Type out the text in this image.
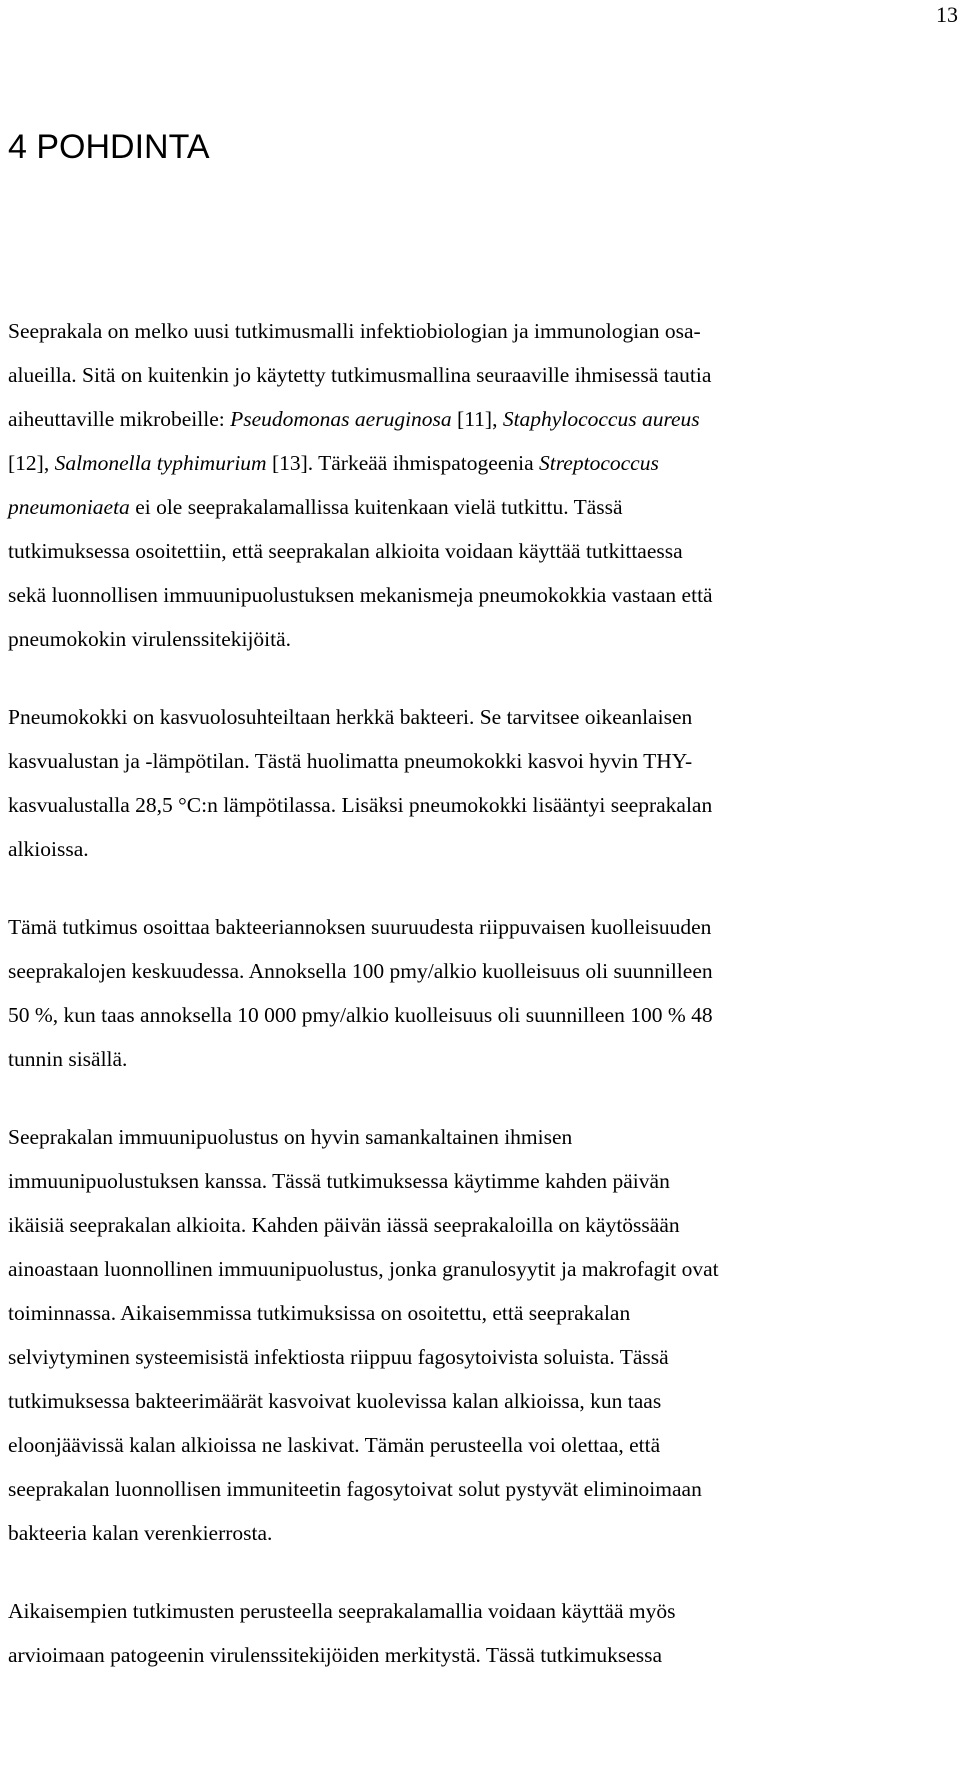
13
4 POHDINTA
Seeprakala on melko uusi tutkimusmalli infektiobiologian ja immunologian osa-
alueilla. Sitä on kuitenkin jo käytetty tutkimusmallina seuraaville ihmisessä tautia
aiheuttaville mikrobeille: Pseudomonas aeruginosa [11], Staphylococcus aureus
[12], Salmonella typhimurium [13]. Tärkeää ihmispatogeenia Streptococcus
pneumoniaeta ei ole seeprakalamallissa kuitenkaan vielä tutkittu. Tässä
tutkimuksessa osoitettiin, että seeprakalan alkioita voidaan käyttää tutkittaessa
sekä luonnollisen immuunipuolustuksen mekanismeja pneumokokkia vastaan että
pneumokokin virulenssitekijöitä.
Pneumokokki on kasvuolosuhteiltaan herkkä bakteeri. Se tarvitsee oikeanlaisen
kasvualustan ja -lämpötilan. Tästä huolimatta pneumokokki kasvoi hyvin THY-
kasvualustalla 28,5 °C:n lämpötilassa. Lisäksi pneumokokki lisääntyi seeprakalan
alkioissa.
Tämä tutkimus osoittaa bakteeriannoksen suuruudesta riippuvaisen kuolleisuuden
seeprakalojen keskuudessa. Annoksella 100 pmy/alkio kuolleisuus oli suunnilleen
50 %, kun taas annoksella 10 000 pmy/alkio kuolleisuus oli suunnilleen 100 % 48
tunnin sisällä.
Seeprakalan immuunipuolustus on hyvin samankaltainen ihmisen
immuunipuolustuksen kanssa. Tässä tutkimuksessa käytimme kahden päivän
ikäisiä seeprakalan alkioita. Kahden päivän iässä seeprakaloilla on käytössään
ainoastaan luonnollinen immuunipuolustus, jonka granulosyytit ja makrofagit ovat
toiminnassa. Aikaisemmissa tutkimuksissa on osoitettu, että seeprakalan
selviytyminen systeemisistä infektiosta riippuu fagosytoivista soluista. Tässä
tutkimuksessa bakteerimäärät kasvoivat kuolevissa kalan alkioissa, kun taas
eloonjäävissä kalan alkioissa ne laskivat. Tämän perusteella voi olettaa, että
seeprakalan luonnollisen immuniteetin fagosytoivat solut pystyvät eliminoimaan
bakteeria kalan verenkierrosta.
Aikaisempien tutkimusten perusteella seeprakalamallia voidaan käyttää myös
arvioimaan patogeenin virulenssitekijöiden merkitystä. Tässä tutkimuksessa
